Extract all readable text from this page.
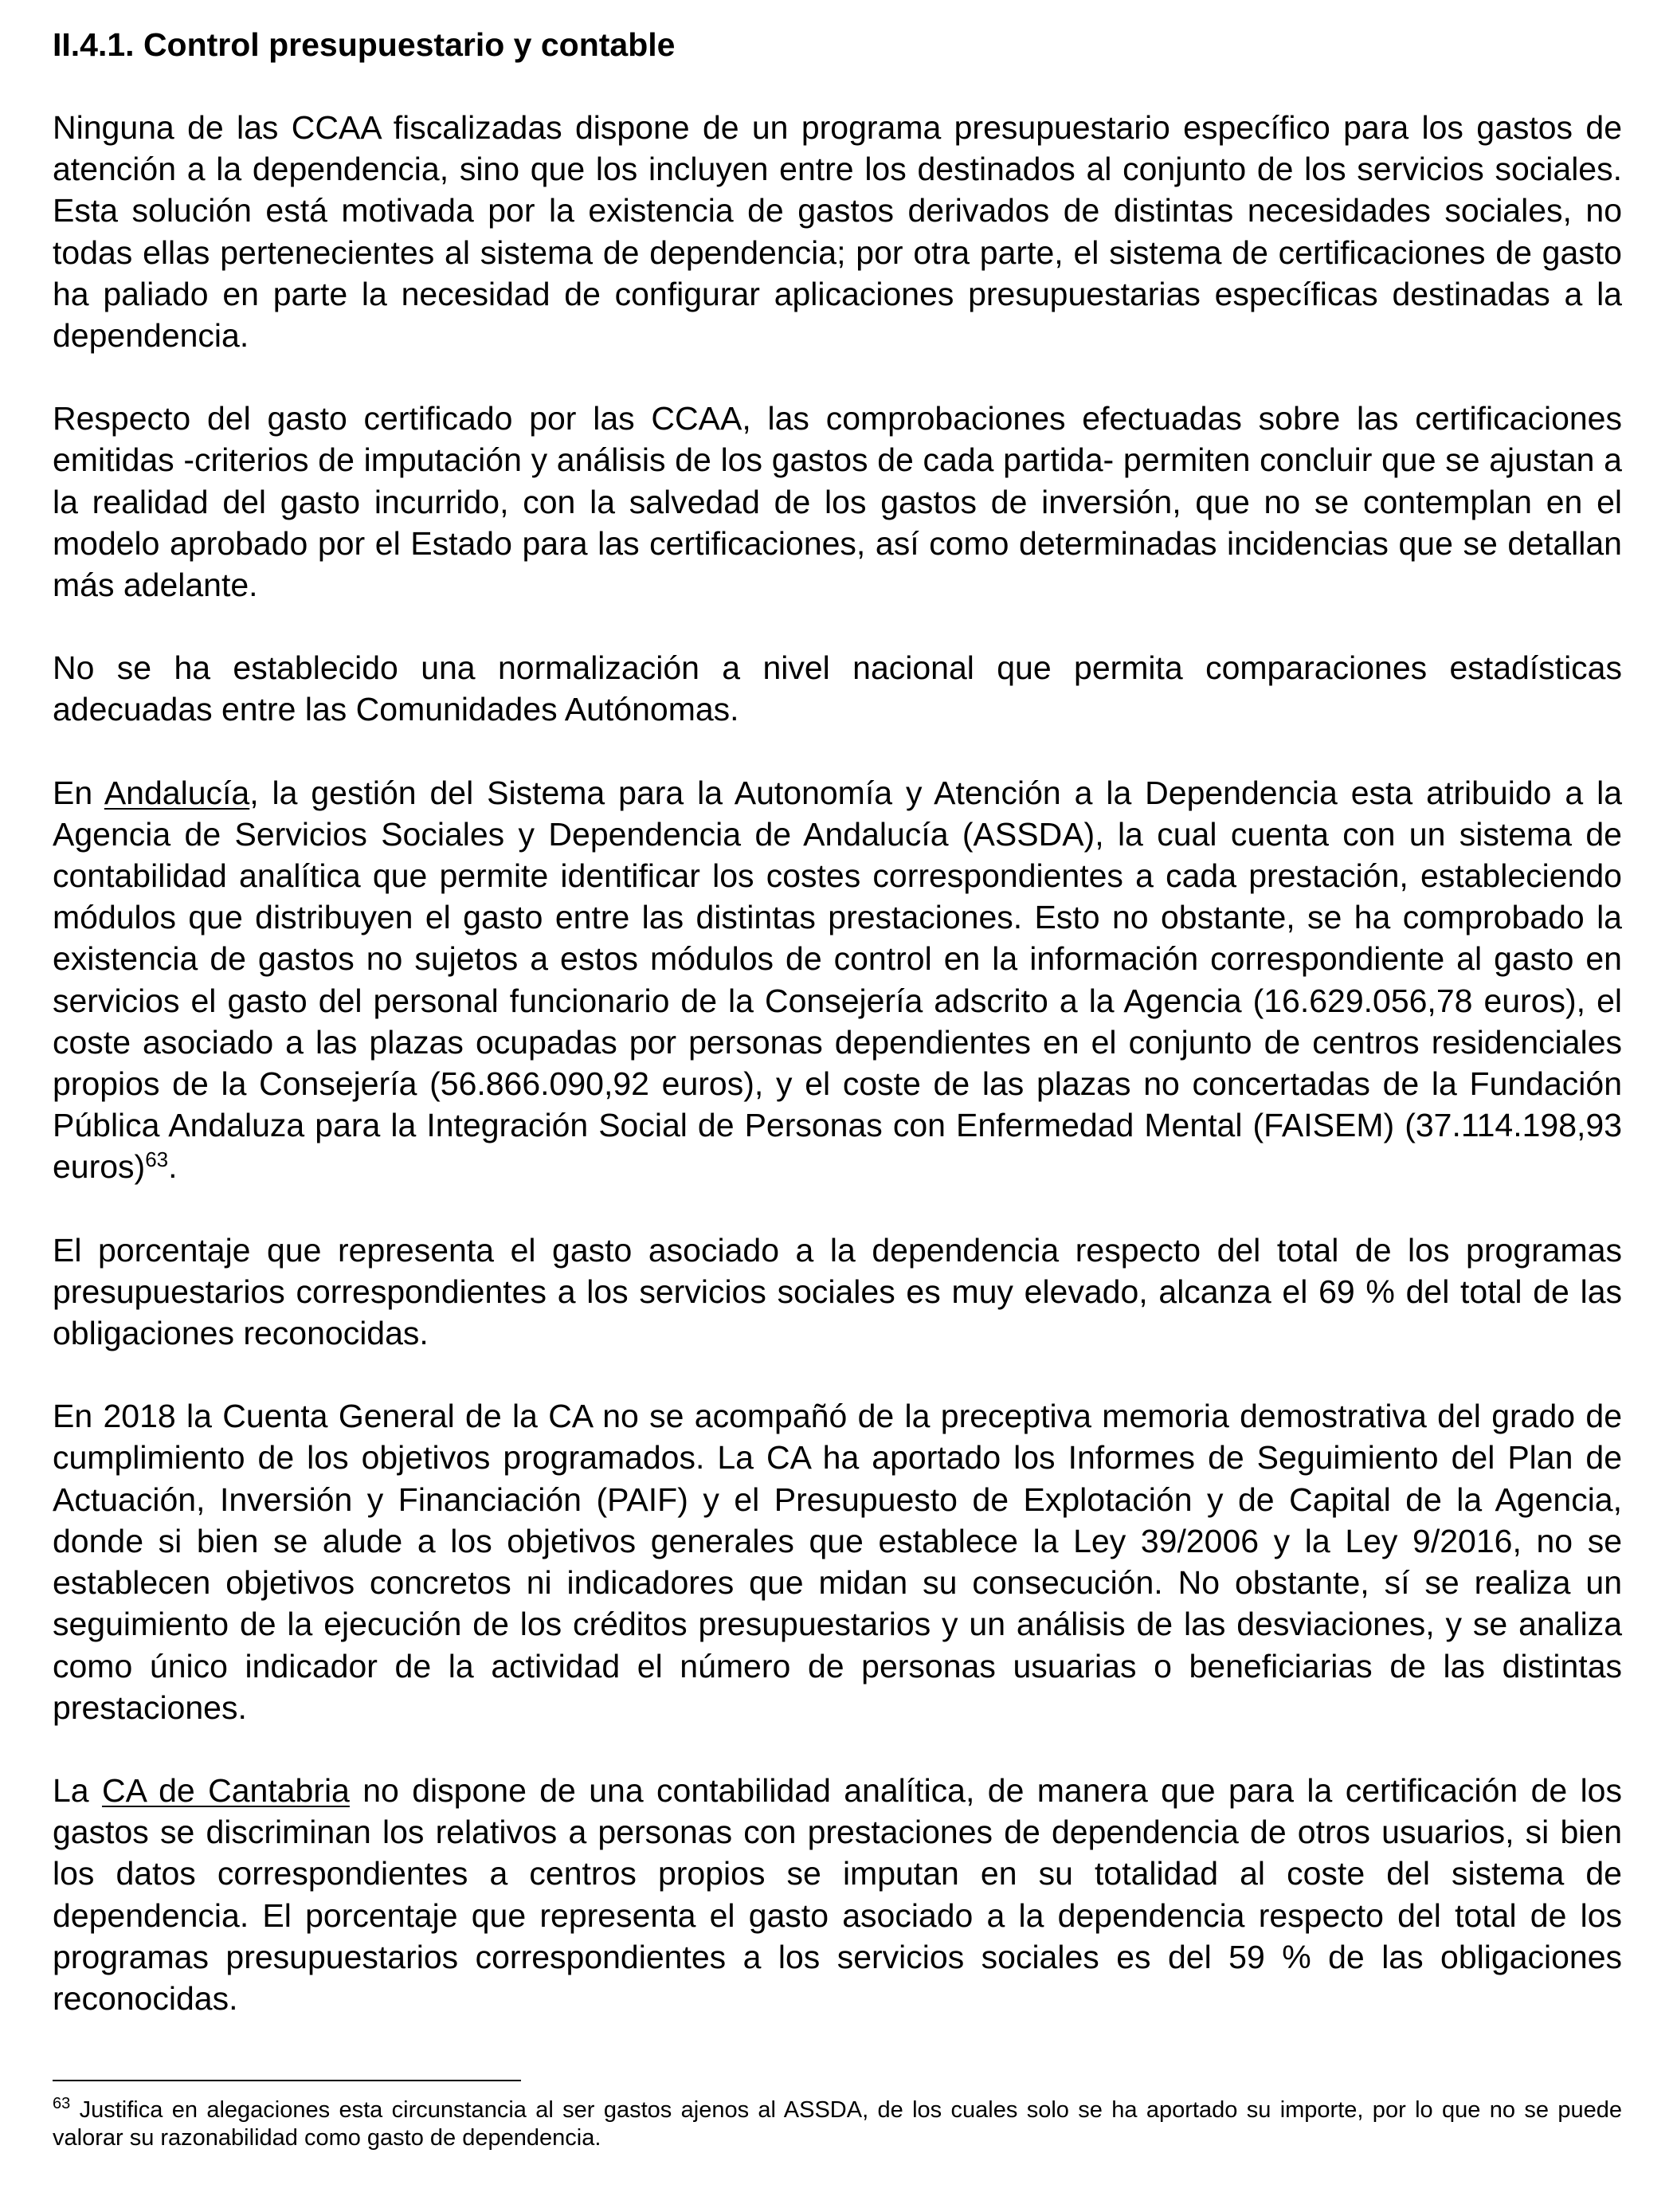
II.4.1. Control presupuestario y contable

Ninguna de las CCAA fiscalizadas dispone de un programa presupuestario específico para los gastos de atención a la dependencia, sino que los incluyen entre los destinados al conjunto de los servicios sociales. Esta solución está motivada por la existencia de gastos derivados de distintas necesidades sociales, no todas ellas pertenecientes al sistema de dependencia; por otra parte, el sistema de certificaciones de gasto ha paliado en parte la necesidad de configurar aplicaciones presupuestarias específicas destinadas a la dependencia.

Respecto del gasto certificado por las CCAA, las comprobaciones efectuadas sobre las certificaciones emitidas -criterios de imputación y análisis de los gastos de cada partida- permiten concluir que se ajustan a la realidad del gasto incurrido, con la salvedad de los gastos de inversión, que no se contemplan en el modelo aprobado por el Estado para las certificaciones, así como determinadas incidencias que se detallan más adelante.

No se ha establecido una normalización a nivel nacional que permita comparaciones estadísticas adecuadas entre las Comunidades Autónomas.

En Andalucía, la gestión del Sistema para la Autonomía y Atención a la Dependencia esta atribuido a la Agencia de Servicios Sociales y Dependencia de Andalucía (ASSDA), la cual cuenta con un sistema de contabilidad analítica que permite identificar los costes correspondientes a cada prestación, estableciendo módulos que distribuyen el gasto entre las distintas prestaciones. Esto no obstante, se ha comprobado la existencia de gastos no sujetos a estos módulos de control en la información correspondiente al gasto en servicios el gasto del personal funcionario de la Consejería adscrito a la Agencia (16.629.056,78 euros), el coste asociado a las plazas ocupadas por personas dependientes en el conjunto de centros residenciales propios de la Consejería (56.866.090,92 euros), y el coste de las plazas no concertadas de la Fundación Pública Andaluza para la Integración Social de Personas con Enfermedad Mental (FAISEM) (37.114.198,93 euros)$^{63}$.

El porcentaje que representa el gasto asociado a la dependencia respecto del total de los programas presupuestarios correspondientes a los servicios sociales es muy elevado, alcanza el 69 % del total de las obligaciones reconocidas.

En 2018 la Cuenta General de la CA no se acompañó de la preceptiva memoria demostrativa del grado de cumplimiento de los objetivos programados. La CA ha aportado los Informes de Seguimiento del Plan de Actuación, Inversión y Financiación (PAIF) y el Presupuesto de Explotación y de Capital de la Agencia, donde si bien se alude a los objetivos generales que establece la Ley 39/2006 y la Ley 9/2016, no se establecen objetivos concretos ni indicadores que midan su consecución. No obstante, sí se realiza un seguimiento de la ejecución de los créditos presupuestarios y un análisis de las desviaciones, y se analiza como único indicador de la actividad el número de personas usuarias o beneficiarias de las distintas prestaciones.

La CA de Cantabria no dispone de una contabilidad analítica, de manera que para la certificación de los gastos se discriminan los relativos a personas con prestaciones de dependencia de otros usuarios, si bien los datos correspondientes a centros propios se imputan en su totalidad al coste del sistema de dependencia. El porcentaje que representa el gasto asociado a la dependencia respecto del total de los programas presupuestarios correspondientes a los servicios sociales es del 59 % de las obligaciones reconocidas.

$^{63}$ Justifica en alegaciones esta circunstancia al ser gastos ajenos al ASSDA, de los cuales solo se ha aportado su importe, por lo que no se puede valorar su razonabilidad como gasto de dependencia.
